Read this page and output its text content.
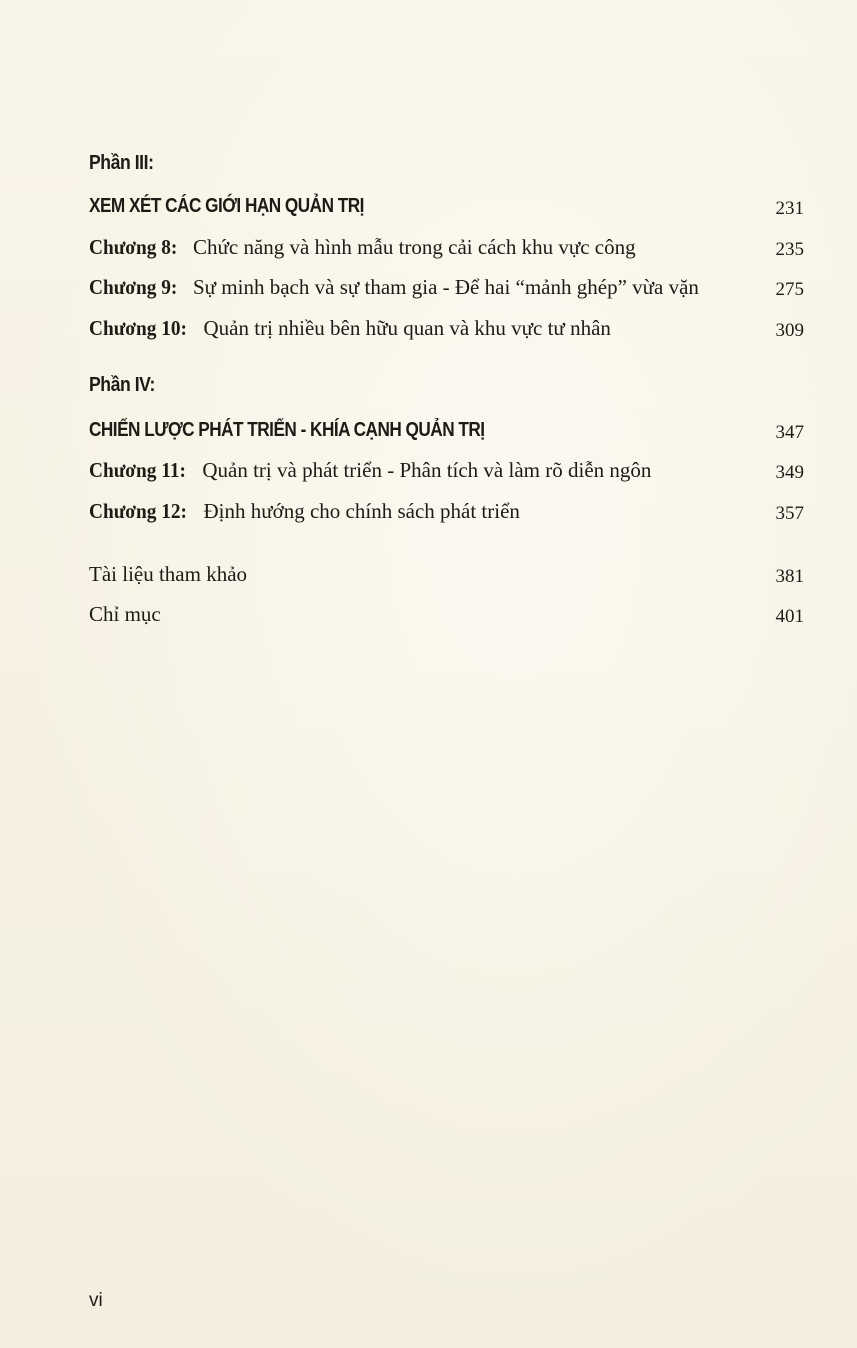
Phần III:
XEM XÉT CÁC GIỚI HẠN QUẢN TRỊ	231
Chương 8: Chức năng và hình mẫu trong cải cách khu vực công	235
Chương 9: Sự minh bạch và sự tham gia - Để hai “mảnh ghép” vừa vặn	275
Chương 10: Quản trị nhiều bên hữu quan và khu vực tư nhân	309
Phần IV:
CHIẾN LƯỢC PHÁT TRIỂN - KHÍA CẠNH QUẢN TRỊ	347
Chương 11: Quản trị và phát triển - Phân tích và làm rõ diễn ngôn	349
Chương 12: Định hướng cho chính sách phát triển	357
Tài liệu tham khảo	381
Chỉ mục	401
vi
